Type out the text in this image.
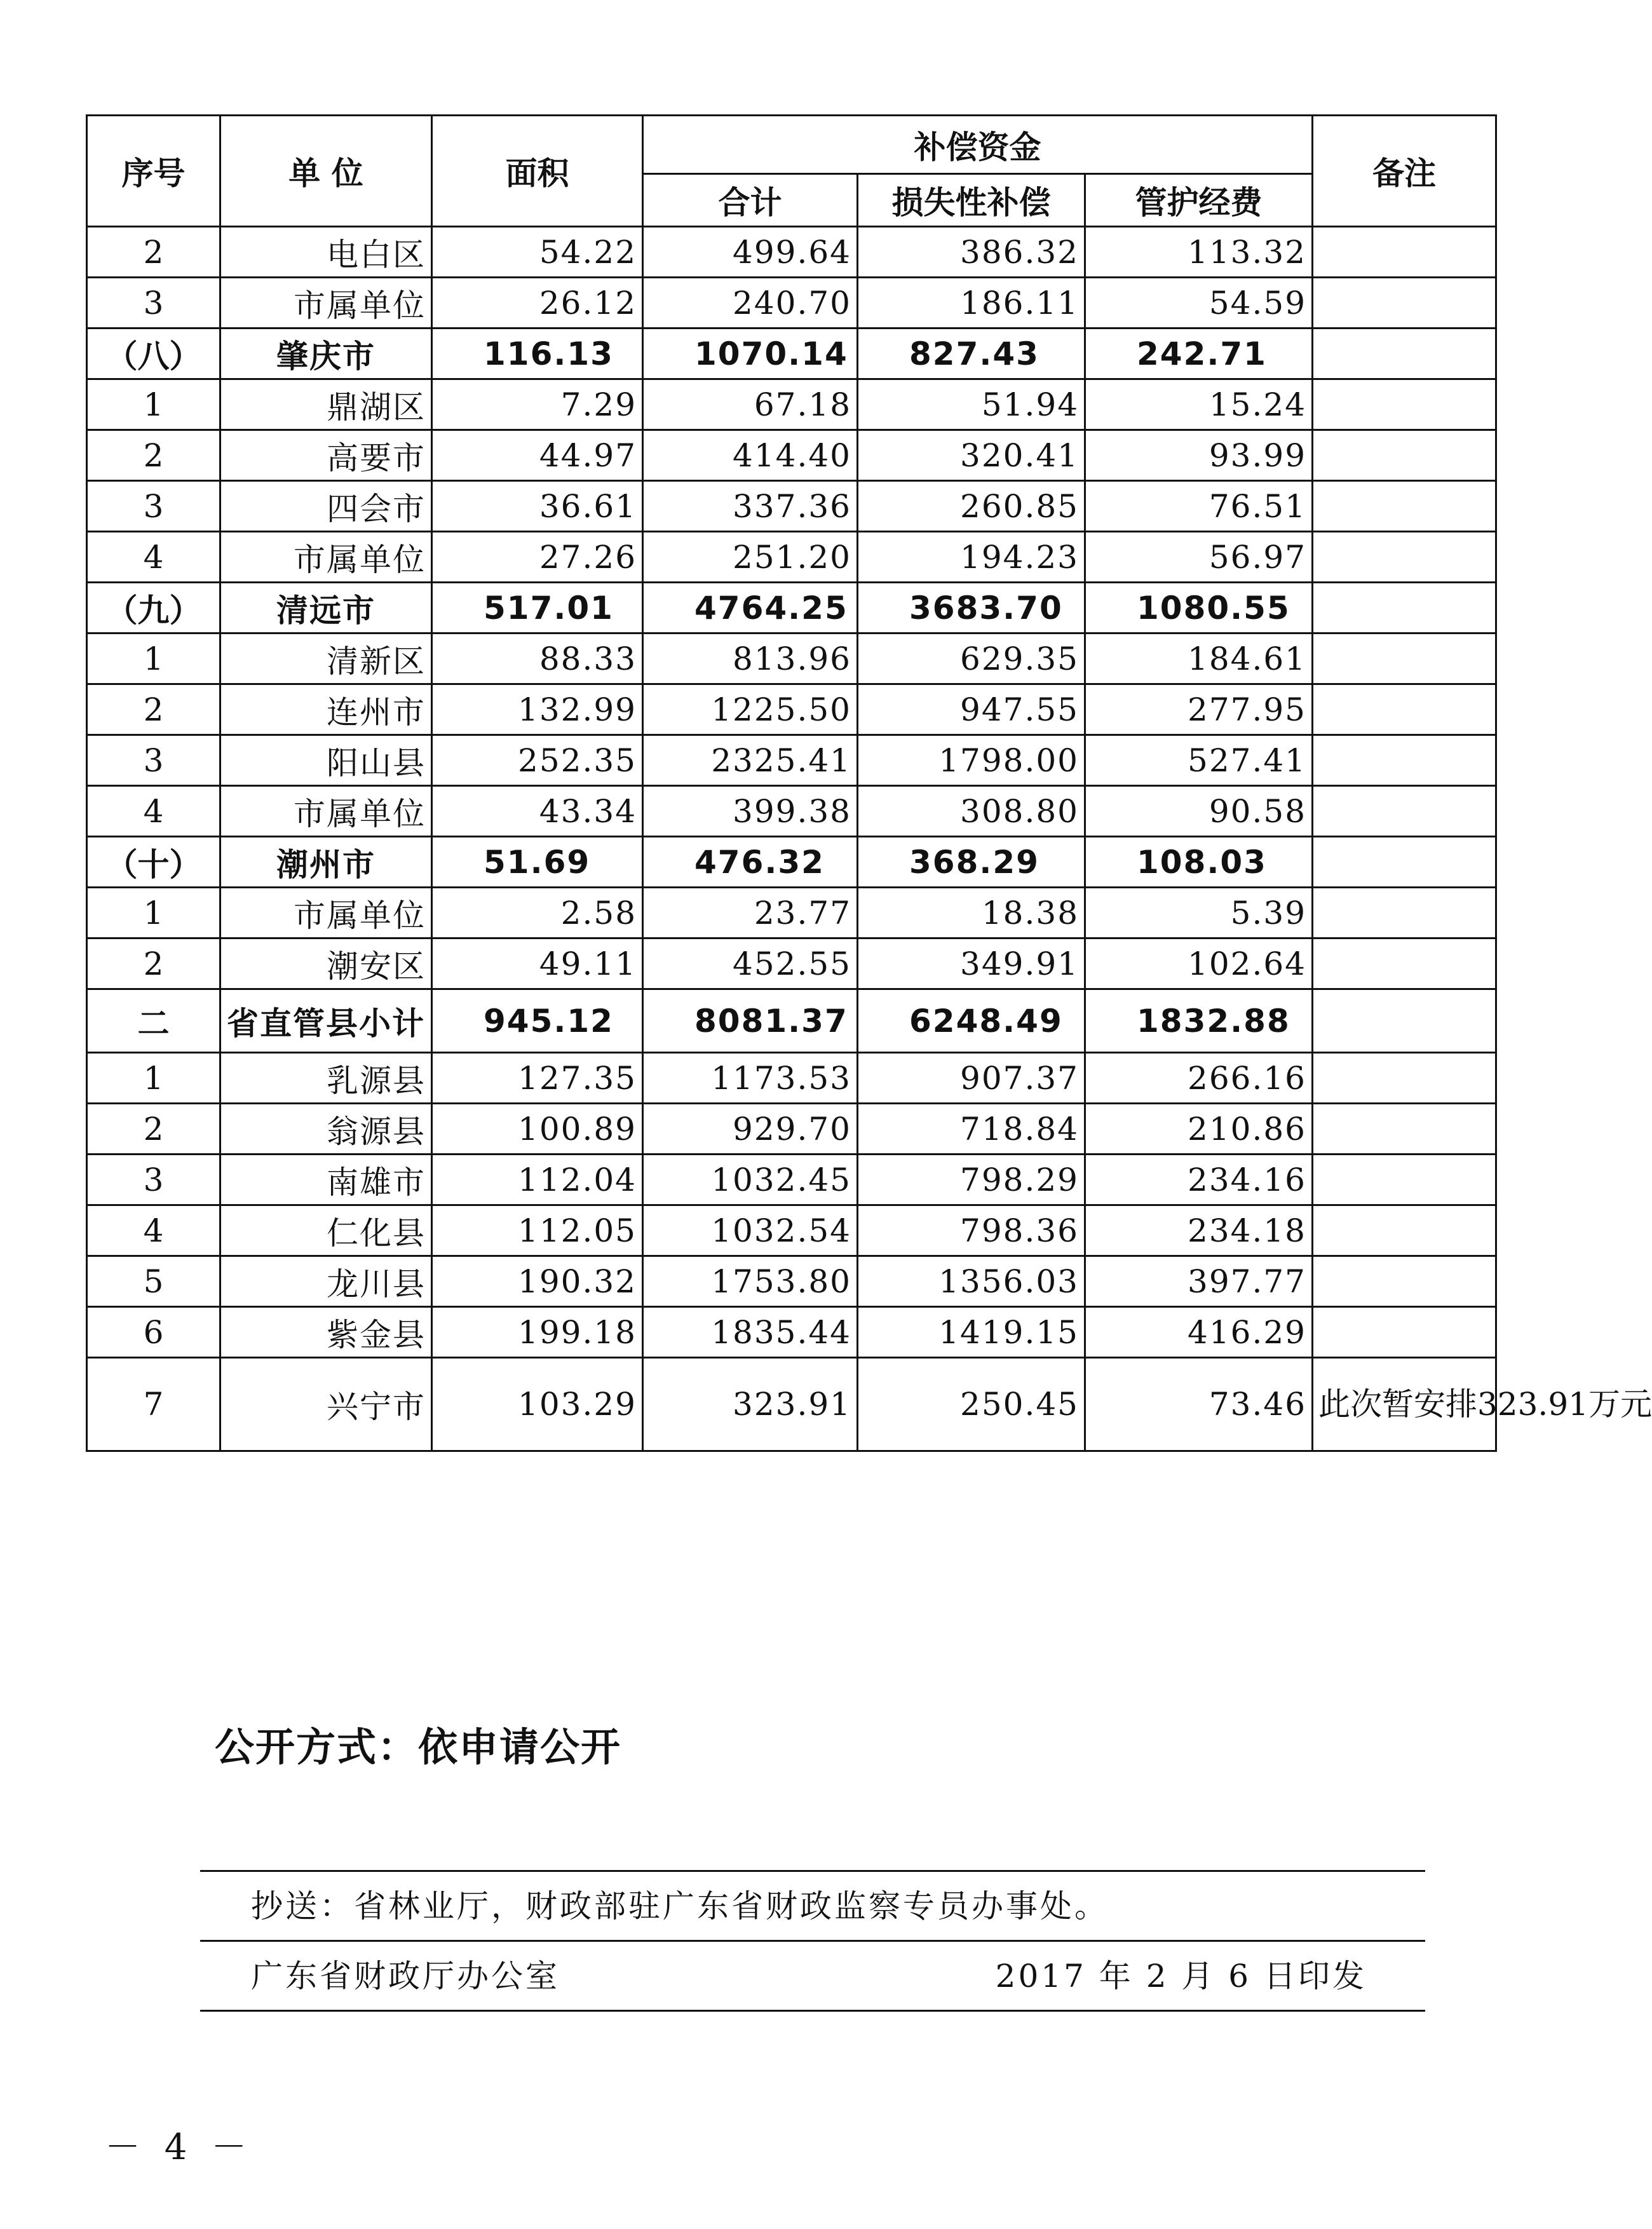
序号	单 位	面积	补偿资金			备注
			合计	损失性补偿	管护经费	
2	电白区	54.22	499.64	386.32	113.32	
3	市属单位	26.12	240.70	186.11	54.59	
（八）	肇庆市	116.13	1070.14	827.43	242.71	
1	鼎湖区	7.29	67.18	51.94	15.24	
2	高要市	44.97	414.40	320.41	93.99	
3	四会市	36.61	337.36	260.85	76.51	
4	市属单位	27.26	251.20	194.23	56.97	
（九）	清远市	517.01	4764.25	3683.70	1080.55	
1	清新区	88.33	813.96	629.35	184.61	
2	连州市	132.99	1225.50	947.55	277.95	
3	阳山县	252.35	2325.41	1798.00	527.41	
4	市属单位	43.34	399.38	308.80	90.58	
（十）	潮州市	51.69	476.32	368.29	108.03	
1	市属单位	2.58	23.77	18.38	5.39	
2	潮安区	49.11	452.55	349.91	102.64	
二	省直管县小计	945.12	8081.37	6248.49	1832.88	
1	乳源县	127.35	1173.53	907.37	266.16	
2	翁源县	100.89	929.70	718.84	210.86	
3	南雄市	112.04	1032.45	798.29	234.16	
4	仁化县	112.05	1032.54	798.36	234.18	
5	龙川县	190.32	1753.80	1356.03	397.77	
6	紫金县	199.18	1835.44	1419.15	416.29	
7	兴宁市	103.29	323.91	250.45	73.46	此次暂安排323.91万元
公开方式：依申请公开
抄送：省林业厅，财政部驻广东省财政监察专员办事处。
广东省财政厅办公室	2017 年 2 月 6 日印发
－ 4 －
